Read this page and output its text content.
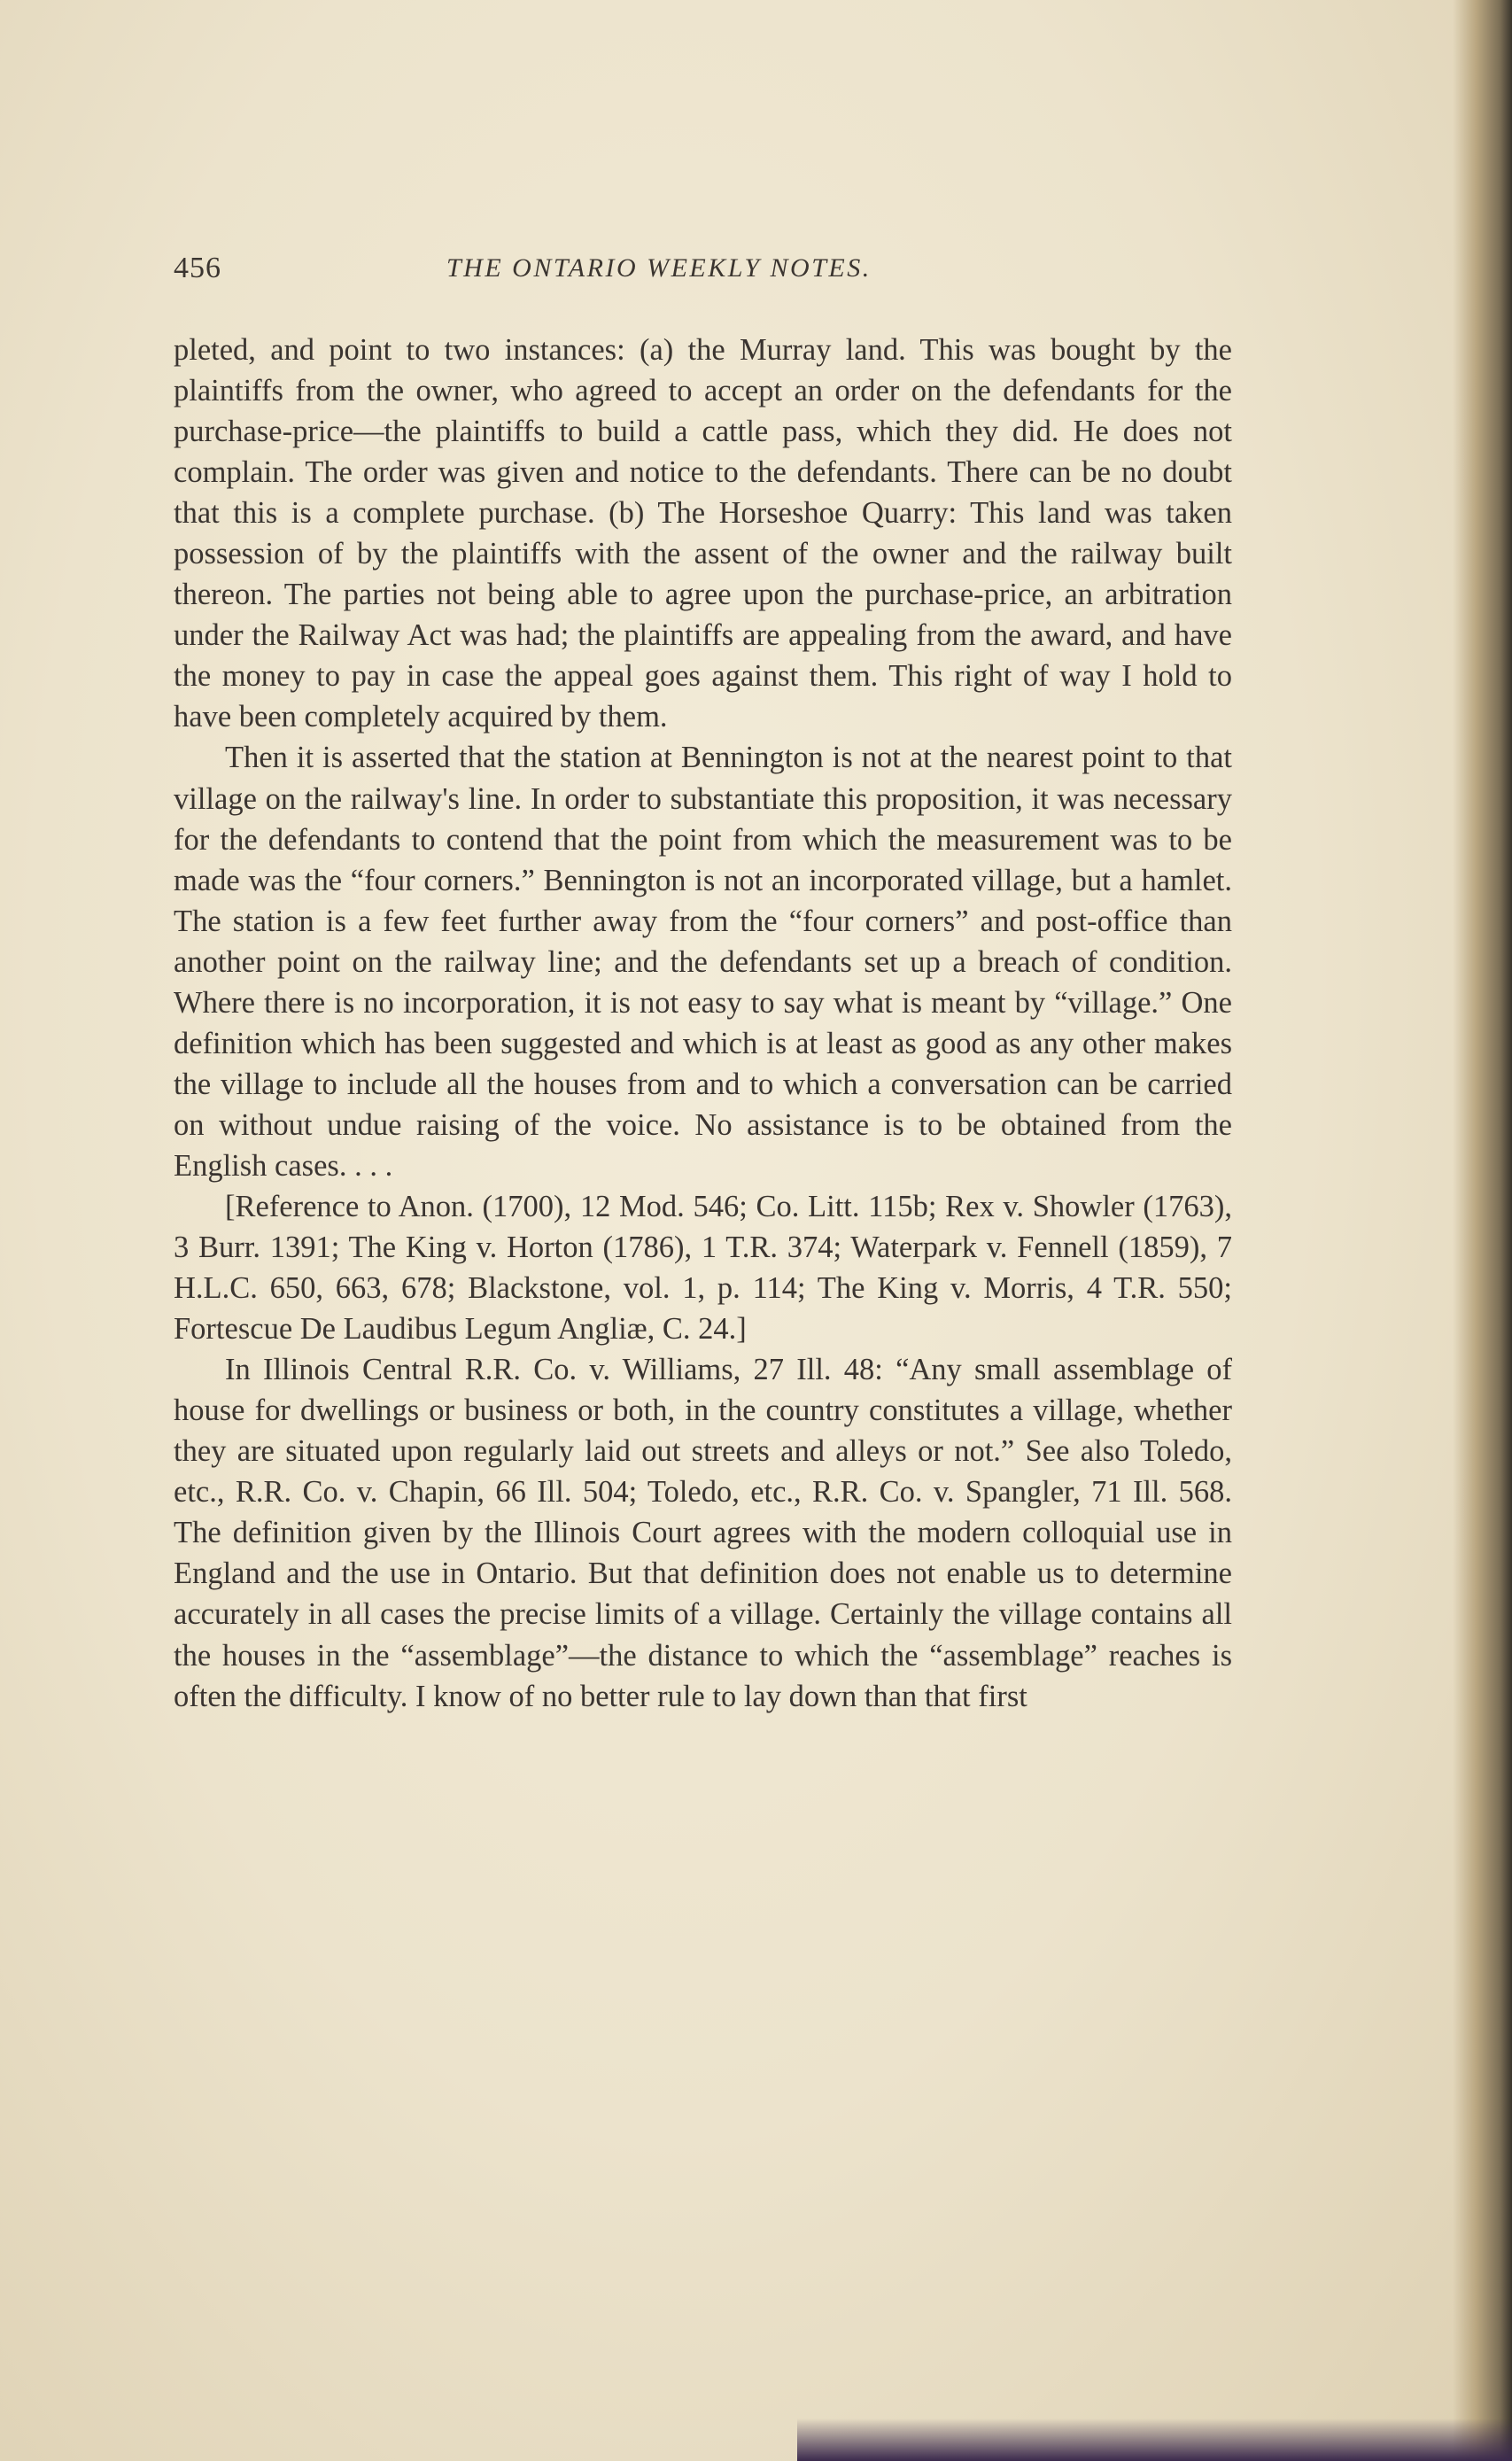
456	THE ONTARIO WEEKLY NOTES.

pleted, and point to two instances: (a) the Murray land. This was bought by the plaintiffs from the owner, who agreed to accept an order on the defendants for the purchase-price—the plaintiffs to build a cattle pass, which they did. He does not complain. The order was given and notice to the defendants. There can be no doubt that this is a complete purchase. (b) The Horseshoe Quarry: This land was taken possession of by the plaintiffs with the assent of the owner and the railway built thereon. The parties not being able to agree upon the purchase-price, an arbitration under the Railway Act was had; the plaintiffs are appealing from the award, and have the money to pay in case the appeal goes against them. This right of way I hold to have been completely acquired by them.

Then it is asserted that the station at Bennington is not at the nearest point to that village on the railway's line. In order to substantiate this proposition, it was necessary for the defendants to contend that the point from which the measurement was to be made was the “four corners.” Bennington is not an incorporated village, but a hamlet. The station is a few feet further away from the “four corners” and post-office than another point on the railway line; and the defendants set up a breach of condition. Where there is no incorporation, it is not easy to say what is meant by “village.” One definition which has been suggested and which is at least as good as any other makes the village to include all the houses from and to which a conversation can be carried on without undue raising of the voice. No assistance is to be obtained from the English cases. . . .

[Reference to Anon. (1700), 12 Mod. 546; Co. Litt. 115b; Rex v. Showler (1763), 3 Burr. 1391; The King v. Horton (1786), 1 T.R. 374; Waterpark v. Fennell (1859), 7 H.L.C. 650, 663, 678; Blackstone, vol. 1, p. 114; The King v. Morris, 4 T.R. 550; Fortescue De Laudibus Legum Angliæ, C. 24.]

In Illinois Central R.R. Co. v. Williams, 27 Ill. 48: “Any small assemblage of house for dwellings or business or both, in the country constitutes a village, whether they are situated upon regularly laid out streets and alleys or not.” See also Toledo, etc., R.R. Co. v. Chapin, 66 Ill. 504; Toledo, etc., R.R. Co. v. Spangler, 71 Ill. 568. The definition given by the Illinois Court agrees with the modern colloquial use in England and the use in Ontario. But that definition does not enable us to determine accurately in all cases the precise limits of a village. Certainly the village contains all the houses in the “assemblage”—the distance to which the “assemblage” reaches is often the difficulty. I know of no better rule to lay down than that first
